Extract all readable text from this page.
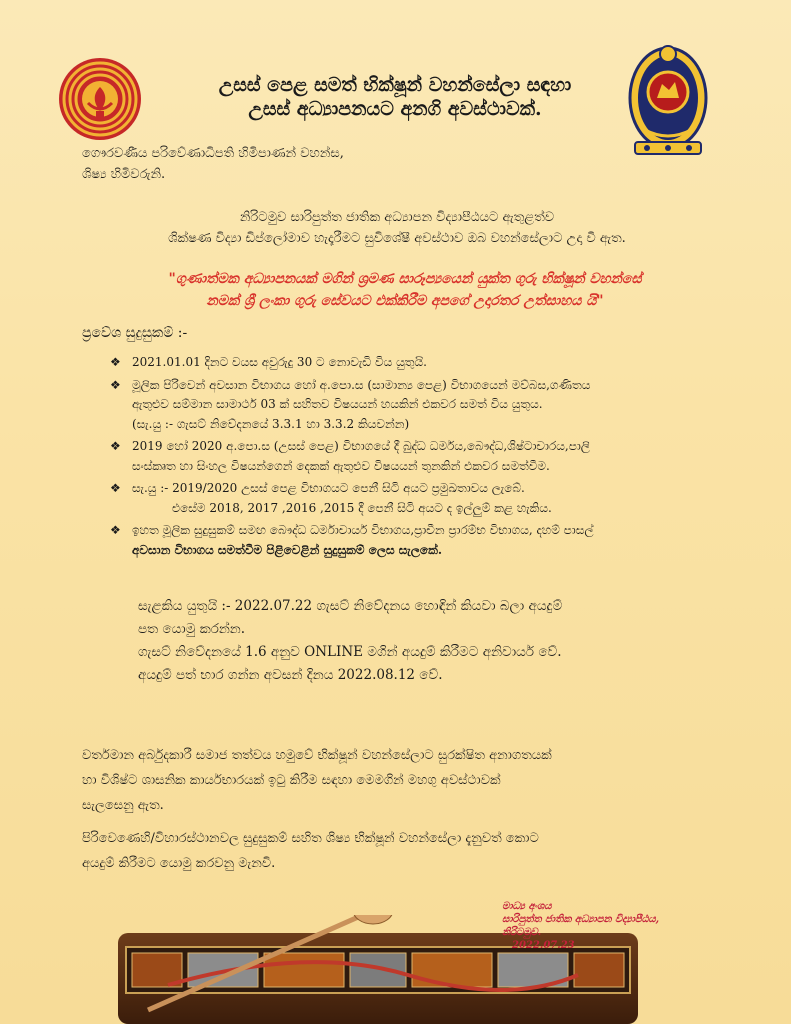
උසස් පෙළ සමත් භික්ෂූන් වහන්සේලා සඳහා
උසස් අධ්‍යාපනයට අනගි අවස්ථාවක්.
ගෞරවණීය පරිවේණාධිපති හිමිපාණන් වහන්ස,
ශිෂ්‍ය හිමිවරුනි.
නිරිටමුව සාරිපුත්ත ජාතික අධ්‍යාපන විද්‍යාපීඨයට ඇතුළත්ව
ශික්ෂණ විද්‍යා ඩිප්ලෝමාව හැදෑරීමට සුවිශේෂී අවස්ථාව ඔබ වහන්සේලාට උදා වී ඇත.
"ගුණාත්මක අධ්‍යාපනයක් මගින් ශ්‍රමණ සාරූප්‍යයෙන් යුක්ත ගුරු භික්ෂූන් වහන්සේ
නමක් ශ්‍රී ලංකා ගුරු සේවයට එක්කිරීම අපගේ උදාරතර උත්සාහය යි"
ප්‍රවේශ සුදුසුකම් :-
❖ 2021.01.01 දිනට වයස අවුරුදු 30 ට නොවැඩි විය යුතුයි.
❖ මූලික පිරිවෙන් අවසාන විභාගය හෝ අ.පො.ස (සාමාන්‍ය පෙළ) විභාගයෙන් මව්බස,ගණිතය
ඇතුළුව සම්මාන සාමාර්ථ 03 ක් සහිතව විෂයයන් හයකින් එකවර සමත් විය යුතුය.
(සැ.යු :- ගැසට් නිවේදනයේ 3.3.1 හා 3.3.2 කියවන්න)
❖ 2019 හෝ 2020 අ.පො.ස (උසස් පෙළ) විභාගයේ දී බුද්ධ ධර්මය,බෞද්ධ,ශිෂ්ටාචාරය,පාලි
සංස්කෘත හා සිංහල විෂයන්ගෙන් දෙකක් ඇතුළුව විෂයයන් තුනකින් එකවර සමත්වීම.
❖ සැ.යු :- 2019/2020 උසස් පෙළ විභාගයට පෙනී සිටි අයට ප්‍රමුඛතාවය ලැබේ.
එසේම 2018, 2017 ,2016 ,2015 දී පෙනී සිටි අයට ද ඉල්ලුම් කළ හැකිය.
❖ ඉහත මූලික සුදුසුකම් සමඟ බෞද්ධ ධර්මාචාර්ය විභාගය,ප්‍රාචීන ප්‍රාරම්භ විභාගය, දහම් පාසල්
අවසාන විභාගය සමත්වීම පිළිවෙළින් සුදුසුකම් ලෙස සැලකේ.
සැළකිය යුතුයි :- 2022.07.22 ගැසට් නිවේදනය හොඳින් කියවා බලා අයදුම්
පත යොමු කරන්න.
ගැසට් නිවේදනයේ 1.6 අනුව ONLINE මගින් අයදුම් කිරීමට අනිවාර්ය වේ.
අයදුම් පත් භාර ගන්න අවසන් දිනය 2022.08.12 වේ.
වර්තමාන අර්බුදකාරී සමාජ තත්වය හමුවේ භික්ෂූන් වහන්සේලාට සුරක්ෂිත අනාගතයක්
හා විශිෂ්ට ශාසනික කාර්යභාරයක් ඉටු කිරීම සඳහා මෙමගින් මහගු අවස්ථාවක්
සැලසෙනු ඇත.
පිරිවෙණෙහි/විහාරස්ථානවල සුදුසුකම් සහිත ශිෂ්‍ය භික්ෂූන් වහන්සේලා දැනුවත් කොට
අයදුම් කිරීමට යොමු කරවනු මැනවි.
මාධ්‍ය අංශය
සාරිපුත්ත ජාතික අධ්‍යාපන විද්‍යාපීඨය,
නිරිටමුව.
2022.07.23
